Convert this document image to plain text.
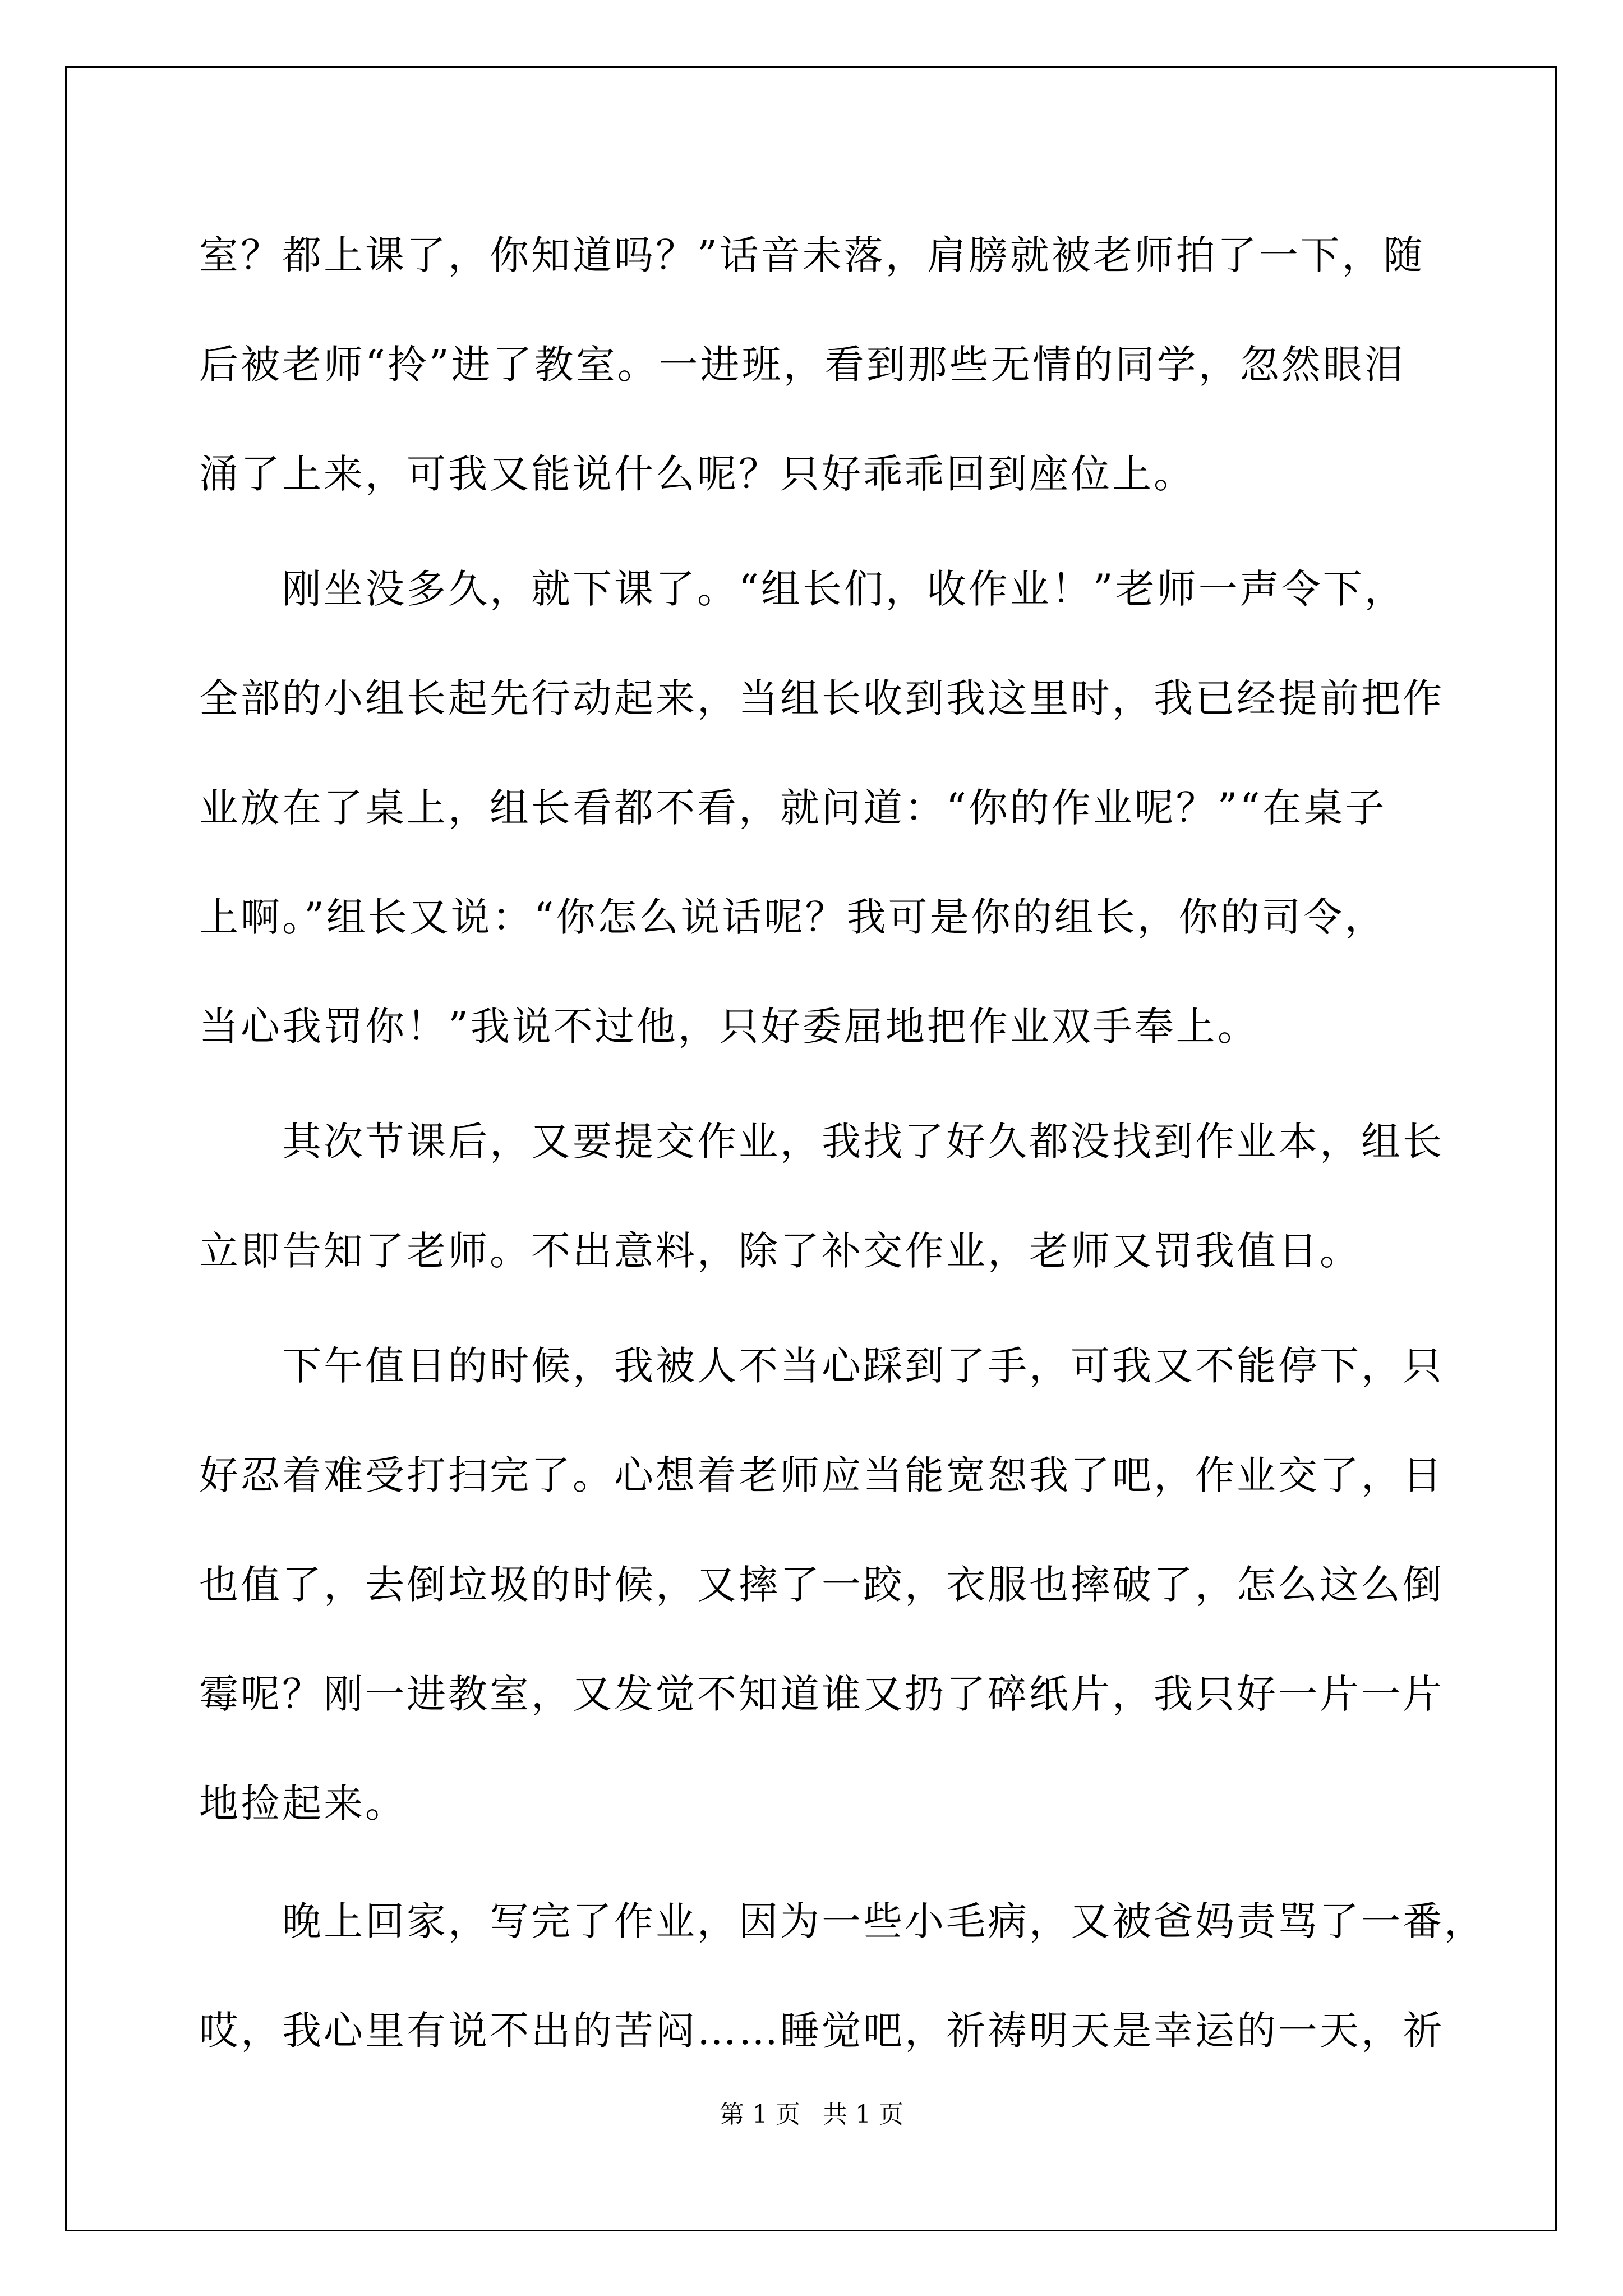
室？都上课了，你知道吗？”话音未落，肩膀就被老师拍了一下，随
后被老师“拎”进了教室。一进班，看到那些无情的同学，忽然眼泪
涌了上来，可我又能说什么呢？只好乖乖回到座位上。
　　刚坐没多久，就下课了。“组长们，收作业！”老师一声令下，
全部的小组长起先行动起来，当组长收到我这里时，我已经提前把作
业放在了桌上，组长看都不看，就问道：“你的作业呢？”“在桌子
上啊。”组长又说：“你怎么说话呢？我可是你的组长，你的司令，
当心我罚你！”我说不过他，只好委屈地把作业双手奉上。
　　其次节课后，又要提交作业，我找了好久都没找到作业本，组长
立即告知了老师。不出意料，除了补交作业，老师又罚我值日。
　　下午值日的时候，我被人不当心踩到了手，可我又不能停下，只
好忍着难受打扫完了。心想着老师应当能宽恕我了吧，作业交了，日
也值了，去倒垃圾的时候，又摔了一跤，衣服也摔破了，怎么这么倒
霉呢？刚一进教室，又发觉不知道谁又扔了碎纸片，我只好一片一片
地捡起来。
　　晚上回家，写完了作业，因为一些小毛病，又被爸妈责骂了一番，
哎，我心里有说不出的苦闷……睡觉吧，祈祷明天是幸运的一天，祈
第 1 页 共 1 页
